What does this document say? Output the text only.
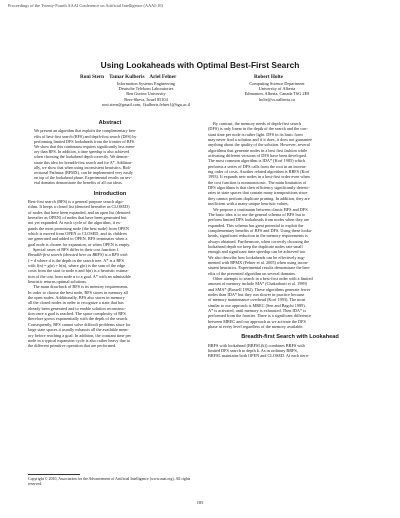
Proceedings of the Twenty-Fourth AAAI Conference on Artificial Intelligence (AAAI-10)
Using Lookaheads with Optimal Best-First Search
Roni Stern    Tamar Kulberis    Ariel Felner	Robert Holte
Information Systems Engineering
Deutsche Telekom Laboratories
Ben Gurion University
Beer-Sheva, Israel 85104
roni.stern@gmail.com, {kulberis,felner}@bgu.ac.il
Computing Science Department
University of Alberta
Edmonton, Alberta, Canada T6G 2E8
holte@cs.ualberta.ca

Abstract

We present an algorithm that exploits the complementary ben-
efits of best-first search (BFS) and depth-first search (DFS) by
performing limited DFS lookaheads from the frontier of BFS.
We show that this continuum requires significantly less mem-
ory than BFS. In addition, a time speedup is also achieved
when choosing the lookahead depth correctly. We demon-
strate this idea for breadth-first search and for A*. Addition-
ally, we show that when using inconsistent heuristics, Bidi-
rectional Pathmax (BPMX), can be implemented very easily
on top of the lookahead phase. Experimental results on sev-
eral domains demonstrate the benefits of all our ideas.

Introduction

Best-first search (BFS) is a general purpose search algo-
rithm. It keeps a closed list (denoted hereafter as CLOSED)
of nodes that have been expanded, and an open list (denoted
hereafter as OPEN) of nodes that have been generated but
not yet expanded. At each cycle of the algorithm, it ex-
pands the most promising node (the best node) from OPEN
which is moved from OPEN to CLOSED, and its children
are generated and added to OPEN. BFS terminates when a
goal node is chosen for expansion, or when OPEN is empty.
Special cases of BFS differ in their cost function f.
Breadth-first search (denoted here as BRFS) is a BFS with
f = d where d is the depth in the search tree. A* is a BFS
with f(n) = g(n) + h(n), where g(n) is the sum of the edge
costs from the start to node n and h(n) is a heuristic estima-
tion of the cost from node n to a goal. A* with an admissible
heuristic returns optimal solutions.
The main drawback of BFS is its memory requirements.
In order to choose the best node, BFS stores in memory all
the open nodes. Additionally, BFS also stores in memory
all the closed nodes in order to recognize a state that has
already been generated and to enable solution reconstruc-
tion once a goal is reached. The space complexity of BFS
therefore grows exponentially with the depth of the search.
Consequently, BFS cannot solve difficult problems since for
large state spaces it usually exhausts all the available mem-
ory before reaching a goal. In addition, the constant time per
node in a typical expansion cycle is also rather heavy due to
the different primitive operation that are performed.
Copyright © 2010, Association for the Advancement of Artificial Intelligence (www.aaai.org). All rights reserved.
By contrast, the memory needs of depth-first search
(DFS) is only linear in the depth of the search and the con-
stant time per node is rather light. DFS in its basic form
may never find a solution and if it does, it does not guarantee
anything about the quality of the solution. However, several
algorithms that generate nodes in a best first fashion while
activating different versions of DFS have been developed.
The most common algorithm is IDA* (Korf 1985) which
performs a series of DFS calls from the root in an increas-
ing order of costs. Another related algorithm is RBFS (Korf
1993). It expands new nodes in a best-first order even when
the cost function is nonmonotonic. The main limitation of
DFS algorithms is that their efficiency significantly deterio-
rates in state spaces that contain many transpositions since
they cannot perform duplicate pruning. In addition, they are
inefficient with a many unique heuristic values.
We propose a continuum between classic BFS and DFS.
The basic idea is to use the general schema of BFS but to
perform limited DFS lookaheads from nodes when they are
expanded. This schema has great potential to exploit the
complementary benefits of BFS and DFS. Using these looka-
heads, significant reduction in the memory requirements is
always obtained. Furthermore, when correctly choosing the
lookahead depth we keep the duplicate nodes rate small
enough and significant time speedup can be achieved too.
We also describe how lookaheads can be effectively aug-
mented with BPMX (Felner et al. 2005) when using incon-
sistent heuristics. Experimental results demonstrate the ben-
efits of the presented algorithm on several domains.
Other attempts to search in a best-first order with a limited
amount of memory include MA* (Chakrabarti et al. 1989)
and SMA* (Russell 1992). These algorithms generate fewer
nodes than IDA* but they run slower in practice because
of memory maintenance overhead (Korf 1993). The most
similar to our approach is MREC (Sen and Bagchi 1989).
A* is activated, until memory is exhausted. Then IDA* is
performed from the frontier. There is a significant difference
between MREC and our approach as we activate the DFS
phase at every level regardless of the memory available.

Breadth-first Search with Lookahead

BRFS with lookahead (BRFSL(k)) combines BRFS with
limited DFS search to depth k. As in ordinary BRFS,
BRFSL maintains both OPEN and CLOSED. At each itera-
185
